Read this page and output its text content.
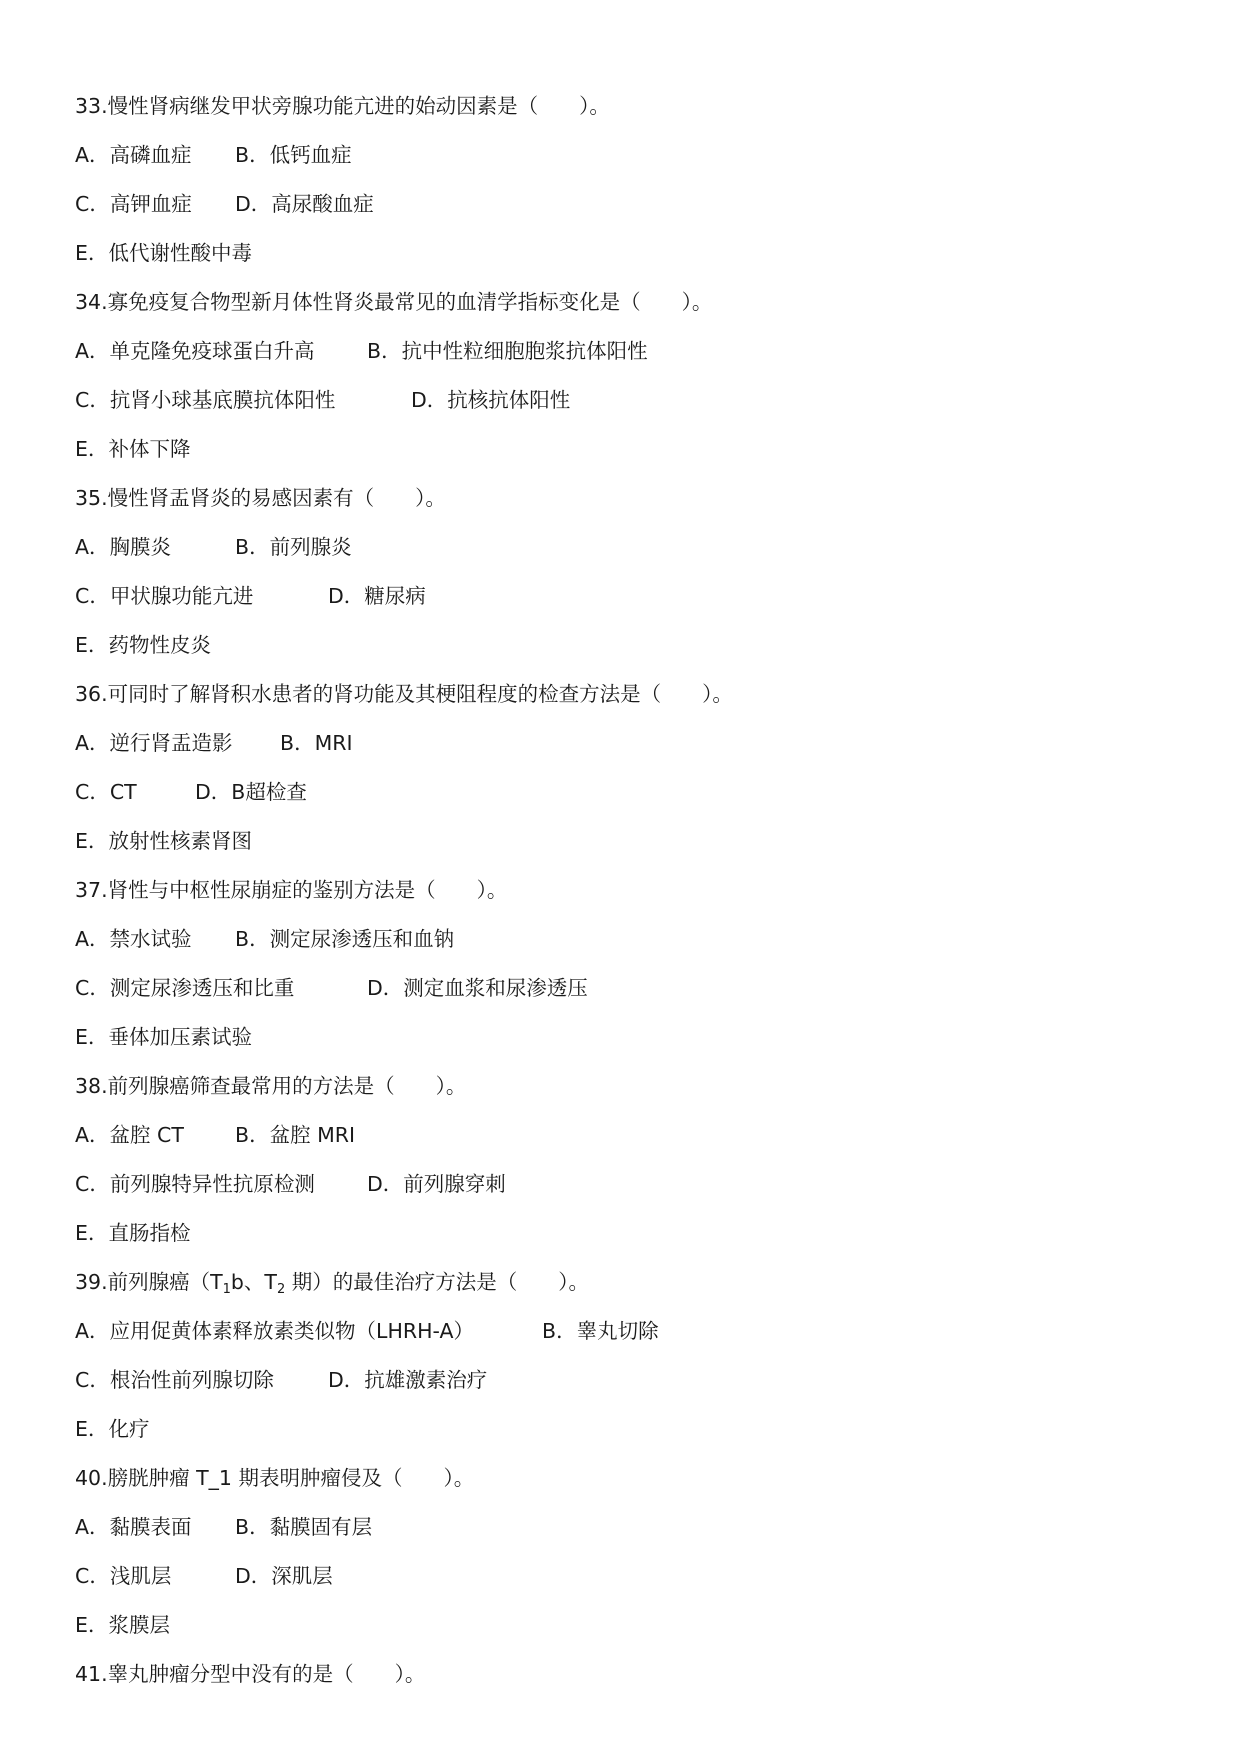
33.慢性肾病继发甲状旁腺功能亢进的始动因素是（　　）。
A．高磷血症 B．低钙血症
C．高钾血症 D．高尿酸血症
E．低代谢性酸中毒
34.寡免疫复合物型新月体性肾炎最常见的血清学指标变化是（　　）。
A．单克隆免疫球蛋白升高	B．抗中性粒细胞胞浆抗体阳性
C．抗肾小球基底膜抗体阳性	D．抗核抗体阳性
E．补体下降
35.慢性肾盂肾炎的易感因素有（　　）。
A．胸膜炎	B．前列腺炎
C．甲状腺功能亢进	D．糖尿病
E．药物性皮炎
36.可同时了解肾积水患者的肾功能及其梗阻程度的检查方法是（　　）。
A．逆行肾盂造影 B．MRI
C．CT	D．B超检查
E．放射性核素肾图
37.肾性与中枢性尿崩症的鉴别方法是（　　）。
A．禁水试验 B．测定尿渗透压和血钠
C．测定尿渗透压和比重	D．测定血浆和尿渗透压
E．垂体加压素试验
38.前列腺癌筛查最常用的方法是（　　）。
A．盆腔 CT B．盆腔 MRI
C．前列腺特异性抗原检测	D．前列腺穿刺
E．直肠指检
39.前列腺癌（$T_1b$、$T_2$ 期）的最佳治疗方法是（　　）。
A．应用促黄体素释放素类似物（LHRH-A）	B．睾丸切除
C．根治性前列腺切除	D．抗雄激素治疗
E．化疗
40.膀胱肿瘤 T_1 期表明肿瘤侵及（　　）。
A．黏膜表面 B．黏膜固有层
C．浅肌层	D．深肌层
E．浆膜层
41.睾丸肿瘤分型中没有的是（　　）。
